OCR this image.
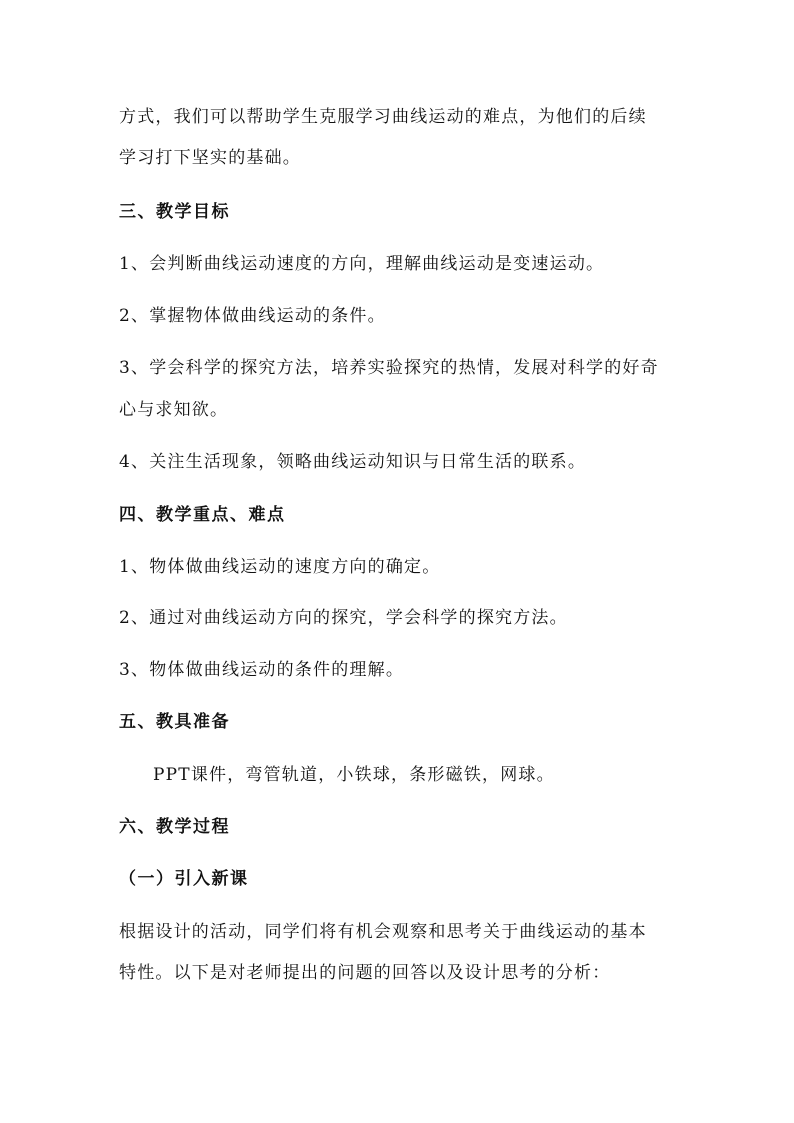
方式，我们可以帮助学生克服学习曲线运动的难点，为他们的后续
学习打下坚实的基础。
三、教学目标
1、会判断曲线运动速度的方向，理解曲线运动是变速运动。
2、掌握物体做曲线运动的条件。
3、学会科学的探究方法，培养实验探究的热情，发展对科学的好奇
心与求知欲。
4、关注生活现象，领略曲线运动知识与日常生活的联系。
四、教学重点、难点
1、物体做曲线运动的速度方向的确定。
2、通过对曲线运动方向的探究，学会科学的探究方法。
3、物体做曲线运动的条件的理解。
五、教具准备
PPT课件，弯管轨道，小铁球，条形磁铁，网球。
六、教学过程
（一）引入新课
根据设计的活动，同学们将有机会观察和思考关于曲线运动的基本
特性。以下是对老师提出的问题的回答以及设计思考的分析：
